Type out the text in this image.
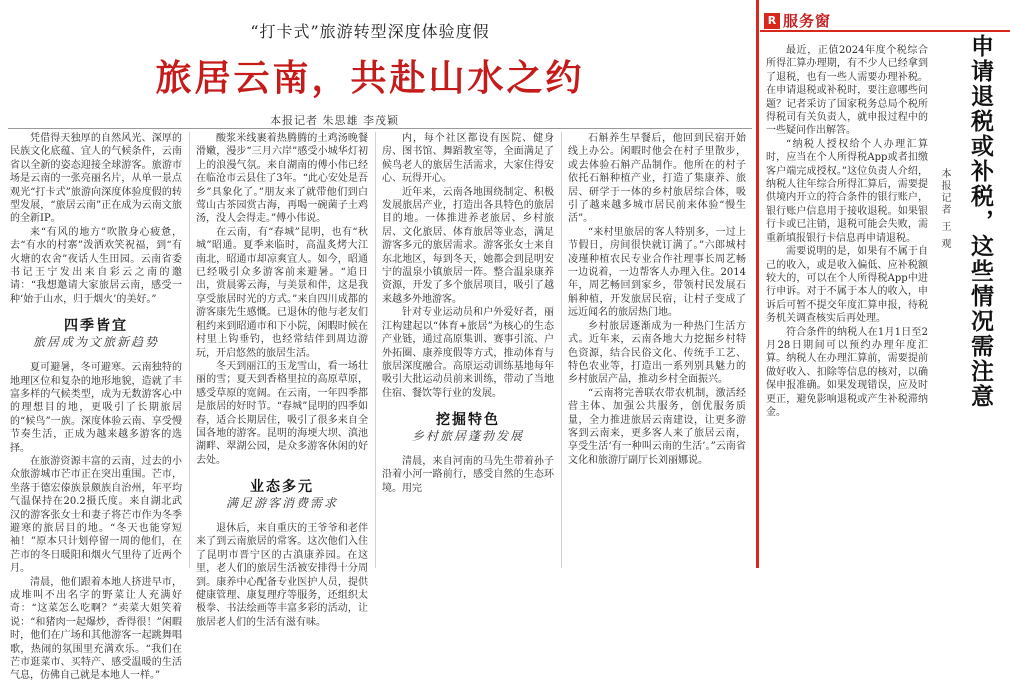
“打卡式”旅游转型深度体验度假
旅居云南，共赴山水之约
本报记者 朱思雄 李茂颖

凭借得天独厚的自然风光、深厚的民族文化底蕴、宜人的气候条件，云南省以全新的姿态迎接全球游客。旅游市场是云南的一张亮丽名片，从单一景点观光“打卡式”旅游向深度体验度假的转型发展，“旅居云南”正在成为云南文旅的全新IP。

来“有风的地方”吹散身心疲惫，去“有水的村寨”泼洒欢笑祝福，到“有火塘的农舍”夜话人生田园。云南省委书记王宁发出来自彩云之南的邀请：“我想邀请大家旅居云南，感受一种‘始于山水，归于烟火’的美好。”

四季皆宜
旅居成为文旅新趋势

夏可避暑，冬可避寒。云南独特的地理区位和复杂的地形地貌，造就了丰富多样的气候类型，成为无数游客心中的理想目的地，更吸引了长期旅居的“候鸟”一族。深度体验云南、享受慢节奏生活，正成为越来越多游客的选择。

在旅游资源丰富的云南，过去的小众旅游城市芒市正在突出重围。芒市，坐落于德宏傣族景颇族自治州，年平均气温保持在20.2摄氏度。来自湖北武汉的游客张女士和妻子将芒市作为冬季避寒的旅居目的地。“冬天也能穿短袖！”原本只计划停留一周的他们，在芒市的冬日暖阳和烟火气里待了近两个月。

清晨，他们跟着本地人挤进早市，成堆叫不出名字的野菜让人充满好奇：“这菜怎么吃啊？”卖菜大姐笑着说：“和猪肉一起爆炒，香得很！”闲暇时，他们在广场和其他游客一起跳舞唱歌，热闹的氛围里充满欢乐。“我们在芒市逛菜市、买特产、感受温暖的生活气息，仿佛自己就是本地人一样。”

酸浆米线裹着热腾腾的土鸡汤晚餐滑嫩，漫步“三月六岸”感受小城华灯初上的浪漫气氛。来自湖南的傅小伟已经在临沧市云县住了3年。“此心安处是吾乡”具象化了。”朋友来了就带他们到白莺山古茶园赏古海，再喝一碗菌子土鸡汤，没人会得走。”傅小伟说。

在云南，有“春城”昆明，也有“秋城”昭通。夏季来临时，高温炙烤大江南北，昭通市却凉爽宜人。如今，昭通已经吸引众多游客前来避暑。“追日出，赏晨雾云海，与美景和伴，这是我享受旅居时光的方式。”来自四川成都的游客康先生感慨。已退休的他与老友们租约来到昭通市和下小院，闲暇时候在村里上钩垂钓，也经常结伴到周边游玩，开启悠然的旅居生活。

冬天到丽江的玉龙雪山，看一场壮丽的雪；夏天到香格里拉的高原草原，感受草原的宽阔。在云南，一年四季都是旅居的好时节。“春城”昆明的四季如春，适合长期居住，吸引了很多来自全国各地的游客。昆明的海埂大坝、滇池湖畔、翠湖公园，是众多游客休闲的好去处。

业态多元
满足游客消费需求

退休后，来自重庆的王爷爷和老伴来了到云南旅居的常客。这次他们入住了昆明市晋宁区的古滇康养园。在这里，老人们的旅居生活被安排得十分周到。康养中心配备专业医护人员，提供健康管理、康复理疗等服务，还组织太极拳、书法绘画等丰富多彩的活动，让旅居老人们的生活有滋有味。

内，每个社区都设有医院、健身房、图书馆、舞蹈教室等，全面满足了候鸟老人的旅居生活需求，大家住得安心、玩得开心。

近年来，云南各地围绕制定、积极发展旅居产业，打造出各具特色的旅居目的地。一体推进养老旅居、乡村旅居、文化旅居、体育旅居等业态，满足游客多元的旅居需求。游客张女士来自东北地区，每到冬天，她都会到昆明安宁的温泉小镇旅居一阵。整合温泉康养资源，开发了多个旅居项目，吸引了越来越多外地游客。

针对专业运动员和户外爱好者，丽江构建起以“体育+旅居”为核心的生态产业链，通过高原集训、赛事引流、户外拓圈、康养度假等方式，推动体育与旅居深度融合。高原运动训练基地每年吸引大批运动员前来训练，带动了当地住宿、餐饮等行业的发展。

挖掘特色
乡村旅居蓬勃发展

清晨，来自河南的马先生带着孙子沿着小河一路前行，感受自然的生态环境。用完

石斛养生早餐后，他回到民宿开始线上办公。闲暇时他会在村子里散步，或去体验石斛产品制作。他所在的村子依托石斛种植产业，打造了集康养、旅居、研学于一体的乡村旅居综合体，吸引了越来越多城市居民前来体验“慢生活”。

“来村里旅居的客人特别多，一过上节假日，房间很快就订满了。”六郎城村凌瑾种植农民专业合作社理事长周艺畅一边说着，一边帮客人办理入住。2014年，周艺畅回到家乡，带领村民发展石斛种植，开发旅居民宿，让村子变成了远近闻名的旅居热门地。

乡村旅居逐渐成为一种热门生活方式。近年来，云南各地大力挖掘乡村特色资源，结合民俗文化、传统手工艺、特色农业等，打造出一系列别具魅力的乡村旅居产品，推动乡村全面振兴。

“云南将完善联农带农机制，激活经营主体、加强公共服务，创优服务质量，全力推进旅居云南建设，让更多游客到云南来，更多客人来了旅居云南，享受生活‘有一种叫云南的生活’。”云南省文化和旅游厅副厅长刘丽娜说。

R 服务窗

最近，正值2024年度个税综合所得汇算办理期，有不少人已经拿到了退税，也有一些人需要办理补税。在申请退税或补税时，要注意哪些问题？记者采访了国家税务总局个税所得税司有关负责人，就申报过程中的一些疑问作出解答。

“纳税人授权给个人办理汇算时，应当在个人所得税App或者扣缴客户端完成授权。”这位负责人介绍，纳税人往年综合所得汇算后，需要提供境内开立的符合条件的银行账户，银行账户信息用于接收退税。如果银行卡或已注销，退税可能会失败，需重新填报银行卡信息再申请退税。

需要说明的是，如果有不属于自己的收入，或是收入偏低、应补税额较大的，可以在个人所得税App中进行申诉。对于不属于本人的收入，申诉后可暂不提交年度汇算申报，待税务机关调查核实后再处理。

符合条件的纳税人在1月1日至2月28日期间可以预约办理年度汇算。纳税人在办理汇算前，需要提前做好收入、扣除等信息的核对，以确保申报准确。如果发现错误，应及时更正，避免影响退税或产生补税滞纳金。

本报记者 王 观 申请退税或补税，这些情况需注意
